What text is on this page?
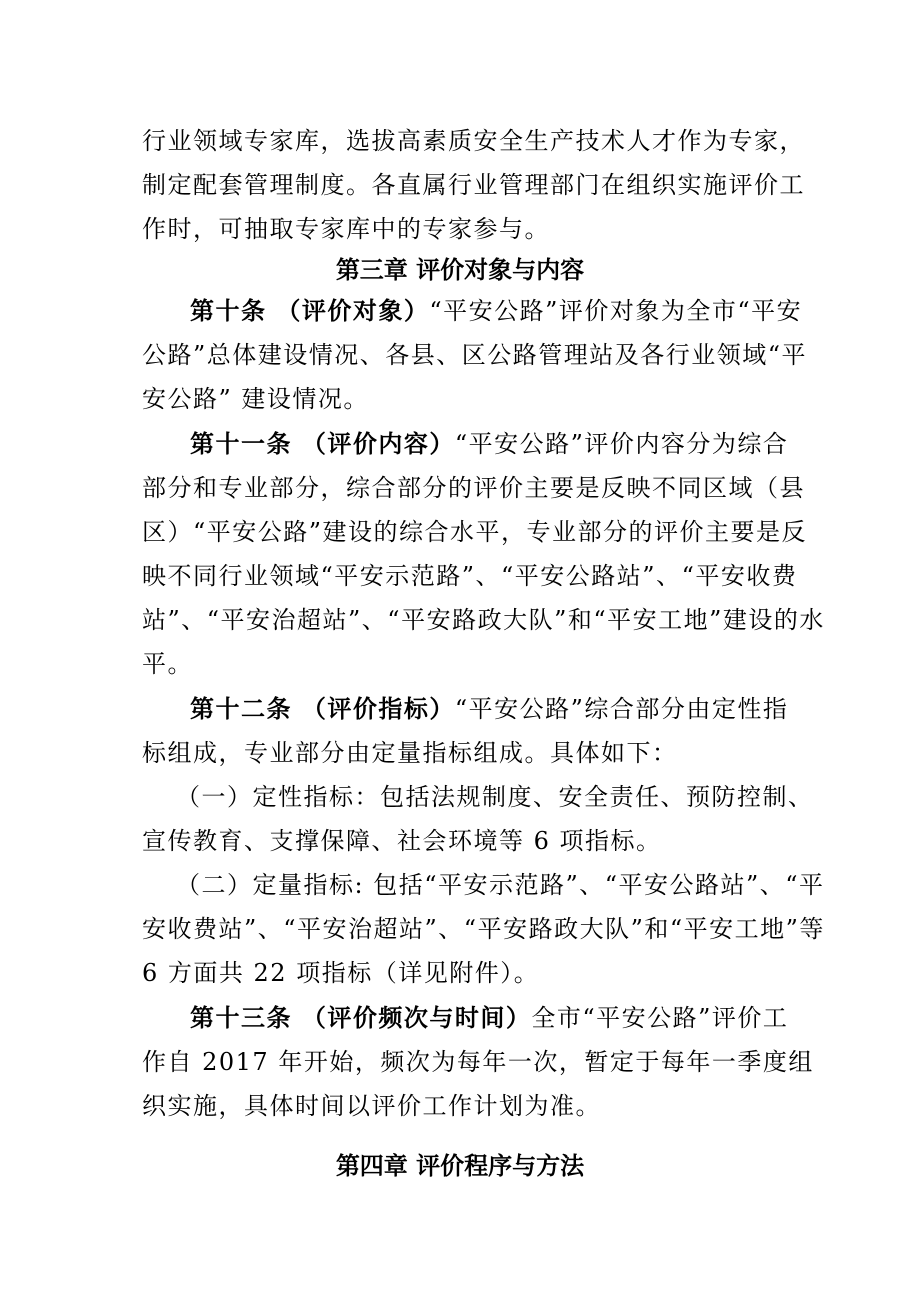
行业领域专家库，选拔高素质安全生产技术人才作为专家，
制定配套管理制度。各直属行业管理部门在组织实施评价工
作时，可抽取专家库中的专家参与。
第三章 评价对象与内容
第十条 （评价对象）“平安公路”评价对象为全市“平安
公路”总体建设情况、各县、区公路管理站及各行业领域“平
安公路” 建设情况。
第十一条 （评价内容）“平安公路”评价内容分为综合
部分和专业部分，综合部分的评价主要是反映不同区域（县
区）“平安公路”建设的综合水平，专业部分的评价主要是反
映不同行业领域“平安示范路”、“平安公路站”、“平安收费
站”、“平安治超站”、“平安路政大队”和“平安工地”建设的水
平。
第十二条 （评价指标）“平安公路”综合部分由定性指
标组成，专业部分由定量指标组成。具体如下：
（一）定性指标：包括法规制度、安全责任、预防控制、
宣传教育、支撑保障、社会环境等 6 项指标。
（二）定量指标: 包括“平安示范路”、“平安公路站”、“平
安收费站”、“平安治超站”、“平安路政大队”和“平安工地”等
6 方面共 22 项指标（详见附件）。
第十三条 （评价频次与时间）全市“平安公路”评价工
作自 2017 年开始，频次为每年一次，暂定于每年一季度组
织实施，具体时间以评价工作计划为准。
第四章 评价程序与方法
